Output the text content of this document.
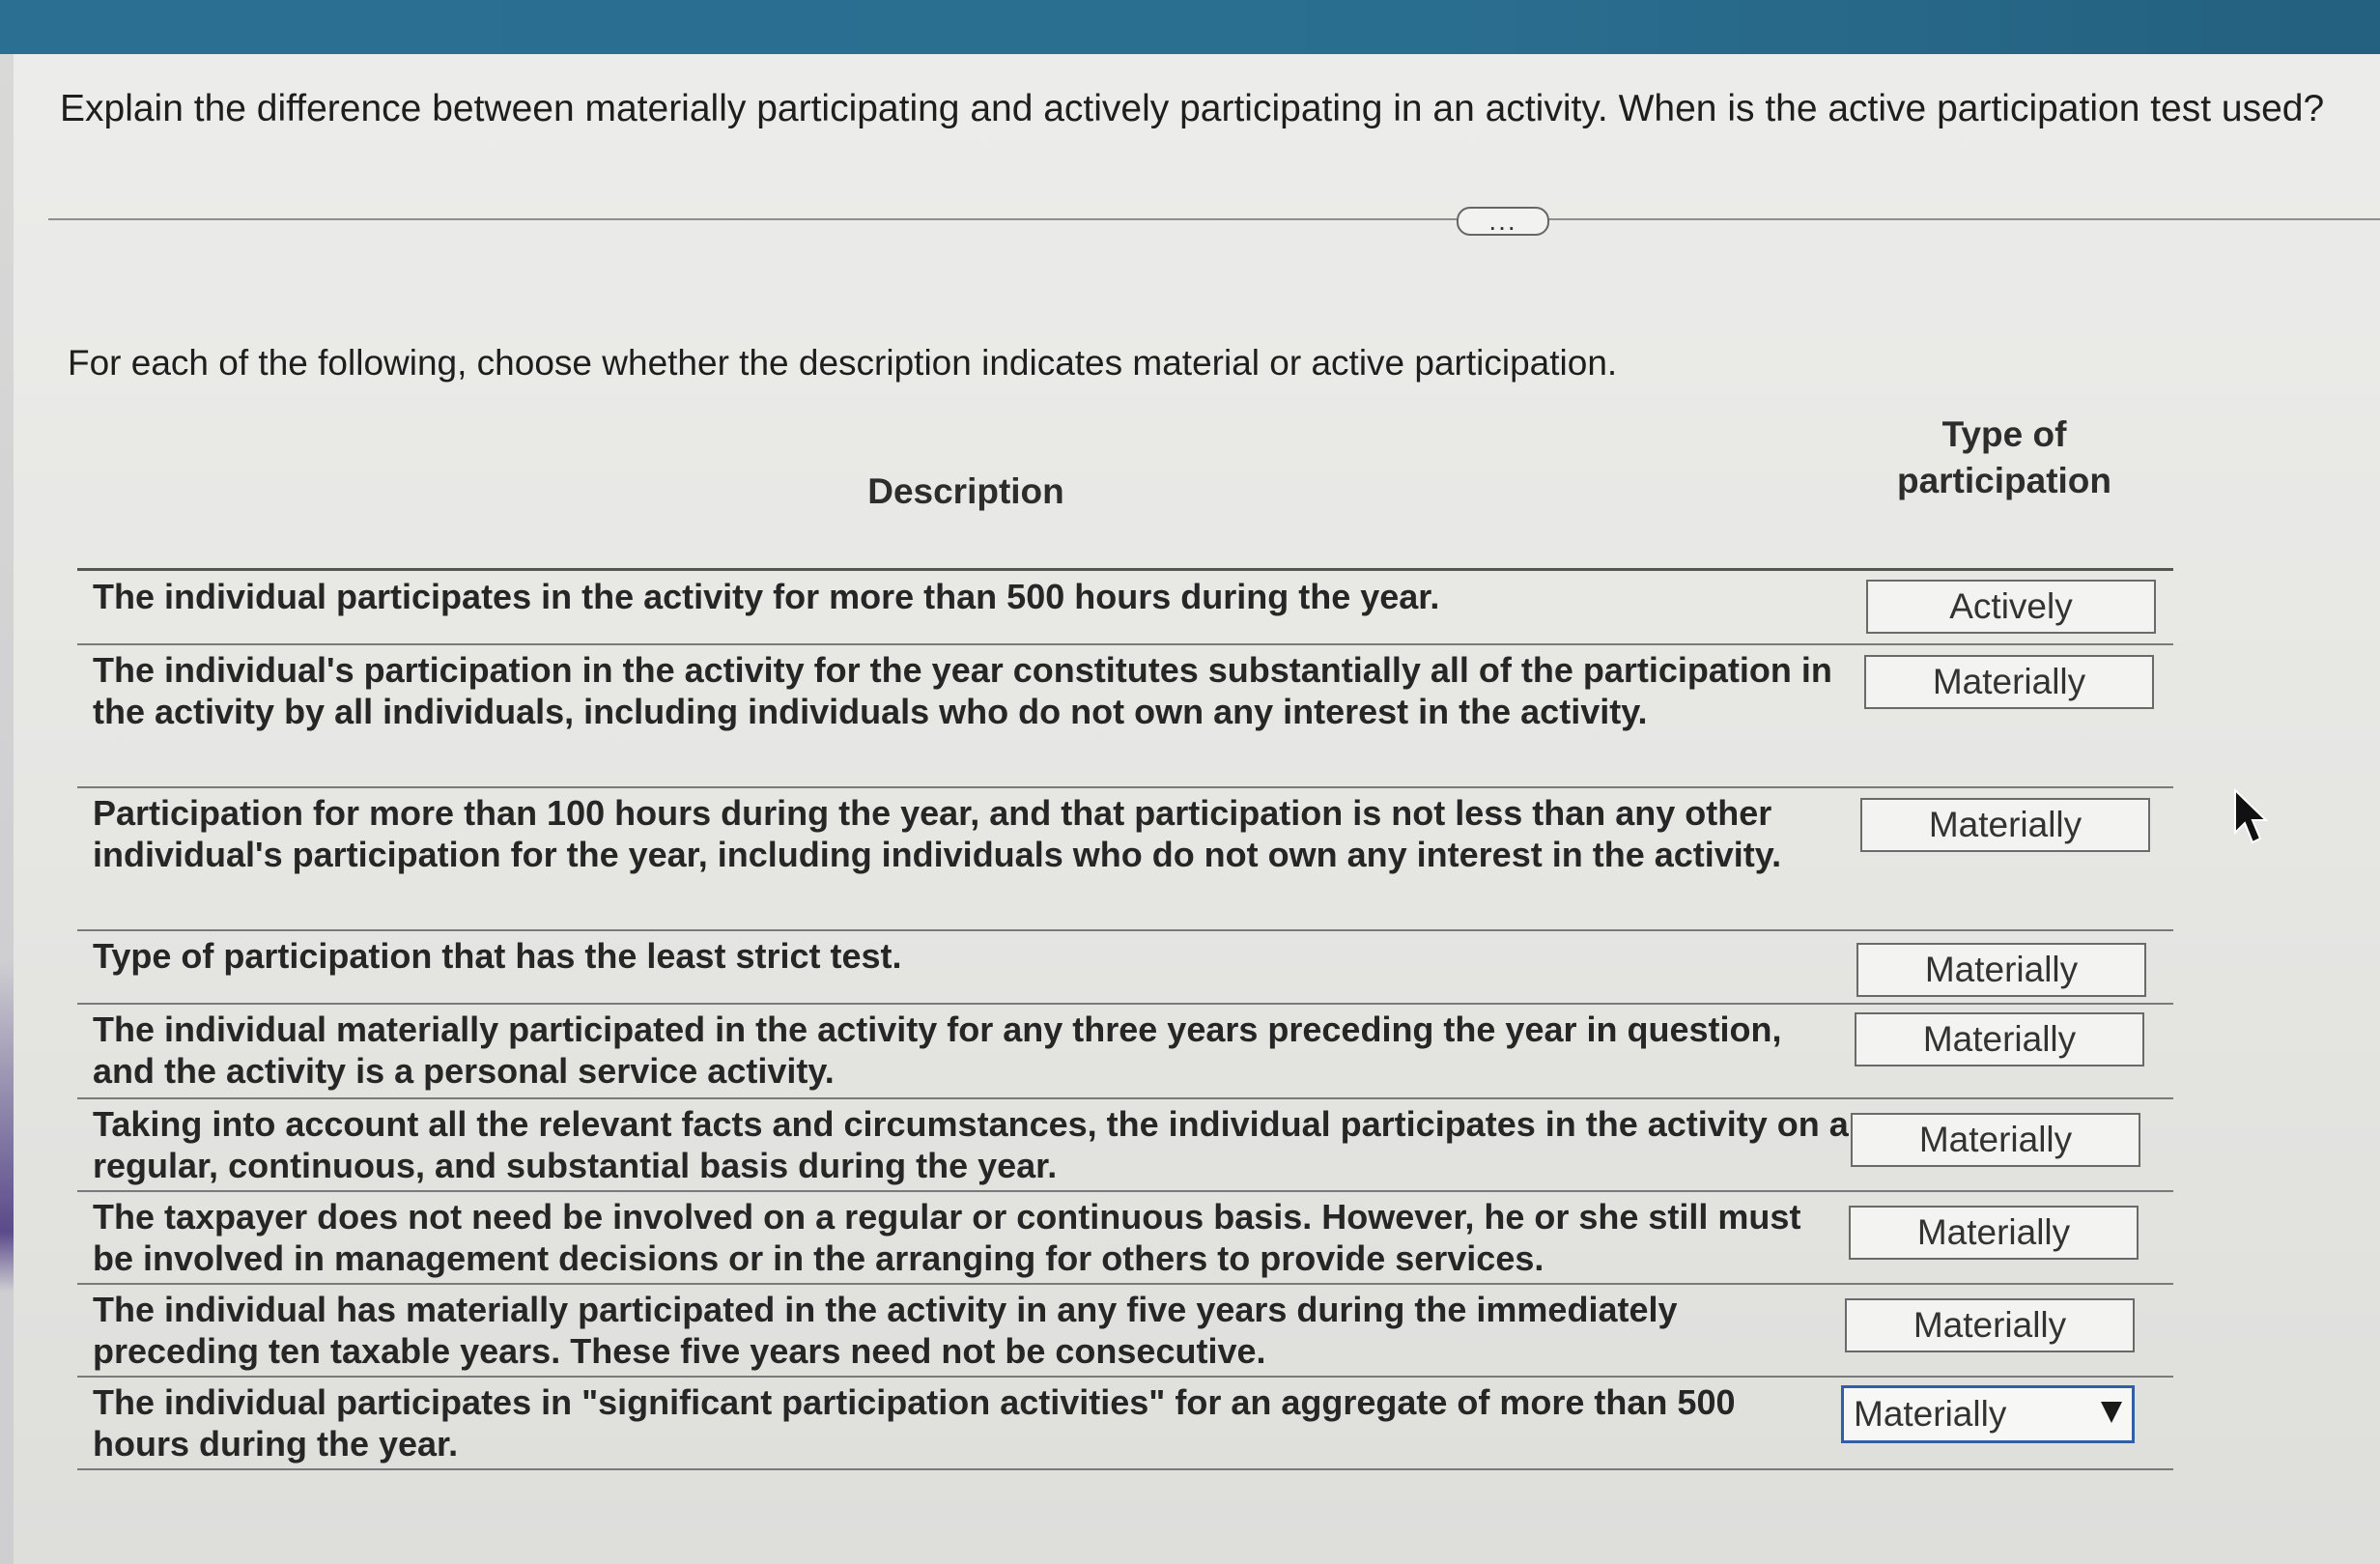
Explain the difference between materially participating and actively participating in an activity. When is the active participation test used?
...
For each of the following, choose whether the description indicates material or active participation.
Description
Type of
participation
The individual participates in the activity for more than 500 hours during the year.	Actively
The individual's participation in the activity for the year constitutes substantially all of the participation in the activity by all individuals, including individuals who do not own any interest in the activity.
Materially
Participation for more than 100 hours during the year, and that participation is not less than any other individual's participation for the year, including individuals who do not own any interest in the activity.
Materially
Type of participation that has the least strict test.	Materially
The individual materially participated in the activity for any three years preceding the year in question, and the activity is a personal service activity.
Materially
Taking into account all the relevant facts and circumstances, the individual participates in the activity on a regular, continuous, and substantial basis during the year.
Materially
The taxpayer does not need be involved on a regular or continuous basis. However, he or she still must be involved in management decisions or in the arranging for others to provide services.
Materially
The individual has materially participated in the activity in any five years during the immediately preceding ten taxable years. These five years need not be consecutive.
Materially
The individual participates in "significant participation activities" for an aggregate of more than 500 hours during the year.
Materially
